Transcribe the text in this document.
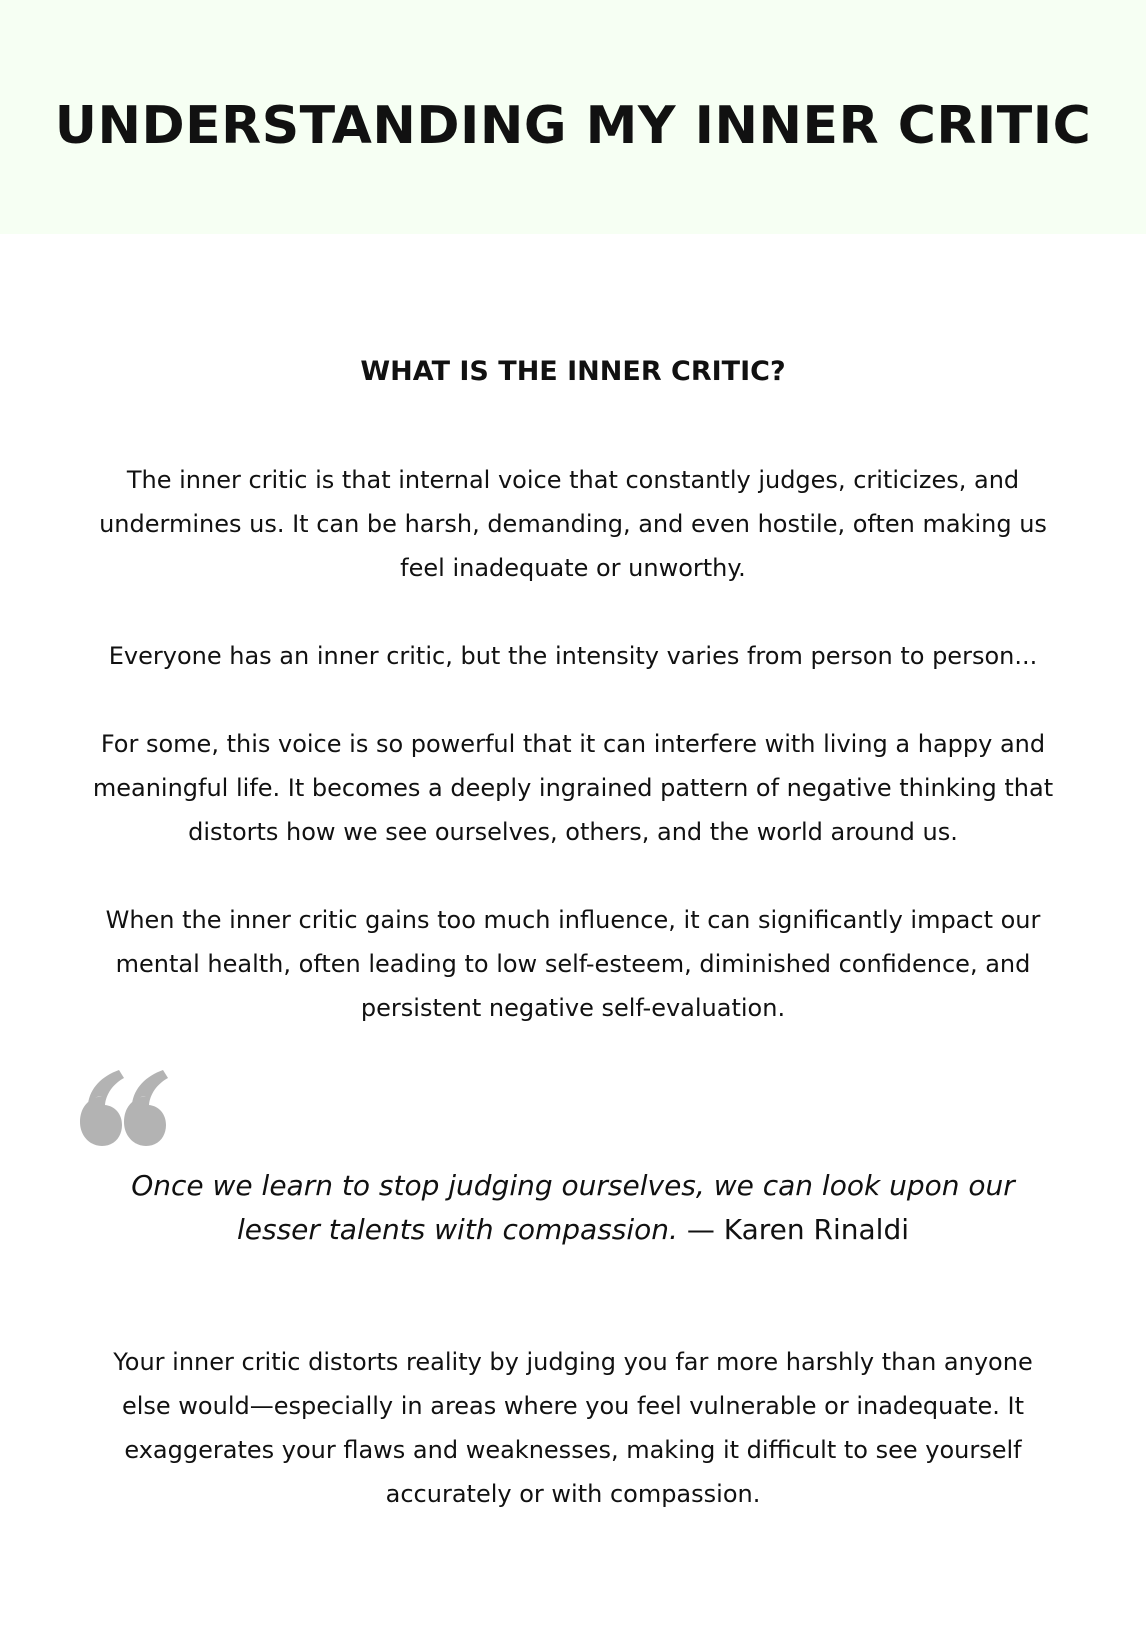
UNDERSTANDING MY INNER CRITIC
WHAT IS THE INNER CRITIC?

The inner critic is that internal voice that constantly judges, criticizes, and undermines us. It can be harsh, demanding, and even hostile, often making us feel inadequate or unworthy.

Everyone has an inner critic, but the intensity varies from person to person...

For some, this voice is so powerful that it can interfere with living a happy and meaningful life. It becomes a deeply ingrained pattern of negative thinking that distorts how we see ourselves, others, and the world around us.

When the inner critic gains too much influence, it can significantly impact our mental health, often leading to low self-esteem, diminished confidence, and persistent negative self-evaluation.

Once we learn to stop judging ourselves, we can look upon our lesser talents with compassion. — Karen Rinaldi

Your inner critic distorts reality by judging you far more harshly than anyone else would—especially in areas where you feel vulnerable or inadequate. It exaggerates your flaws and weaknesses, making it difficult to see yourself accurately or with compassion.
